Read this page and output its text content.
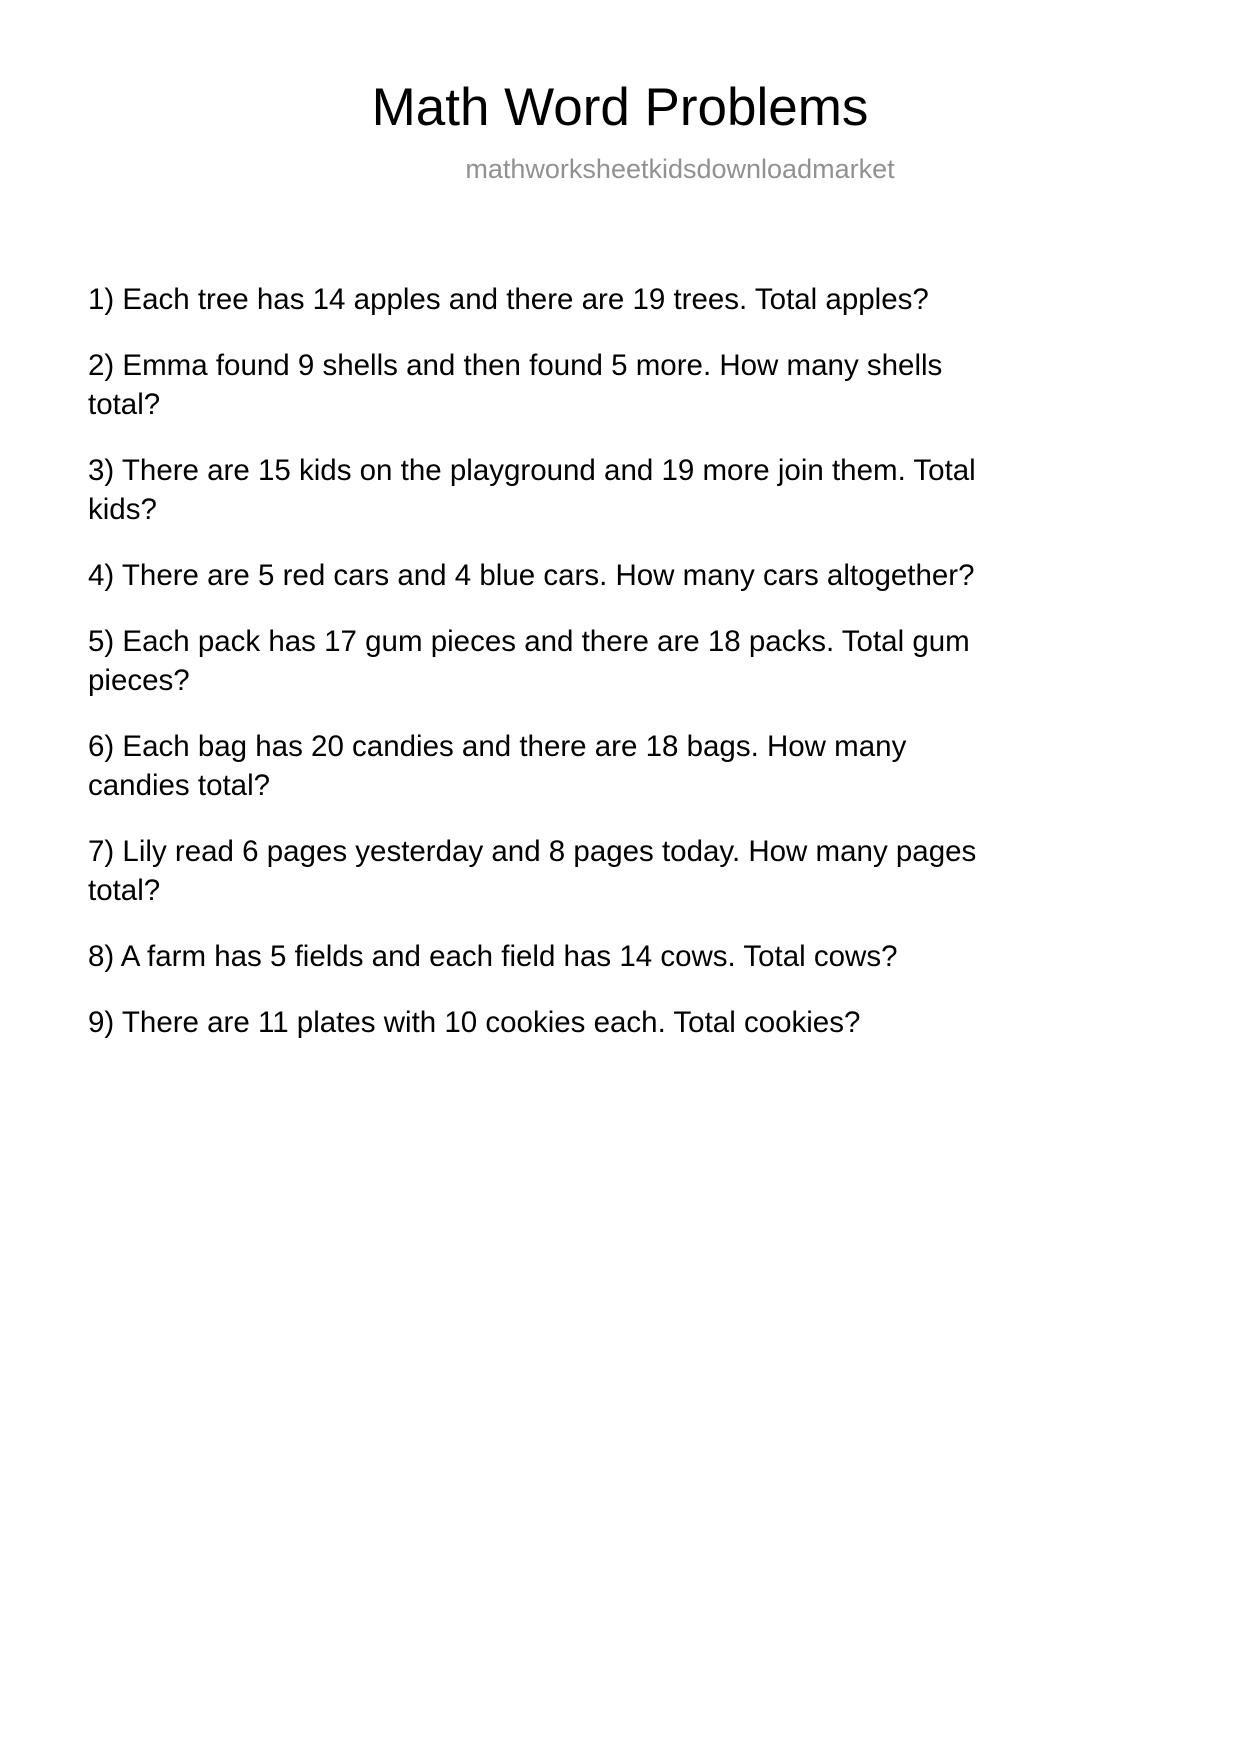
Math Word Problems
mathworksheetkidsdownloadmarket

1) Each tree has 14 apples and there are 19 trees. Total apples?

2) Emma found 9 shells and then found 5 more. How many shells total?

3) There are 15 kids on the playground and 19 more join them. Total kids?

4) There are 5 red cars and 4 blue cars. How many cars altogether?

5) Each pack has 17 gum pieces and there are 18 packs. Total gum pieces?

6) Each bag has 20 candies and there are 18 bags. How many candies total?

7) Lily read 6 pages yesterday and 8 pages today. How many pages total?

8) A farm has 5 fields and each field has 14 cows. Total cows?

9) There are 11 plates with 10 cookies each. Total cookies?
